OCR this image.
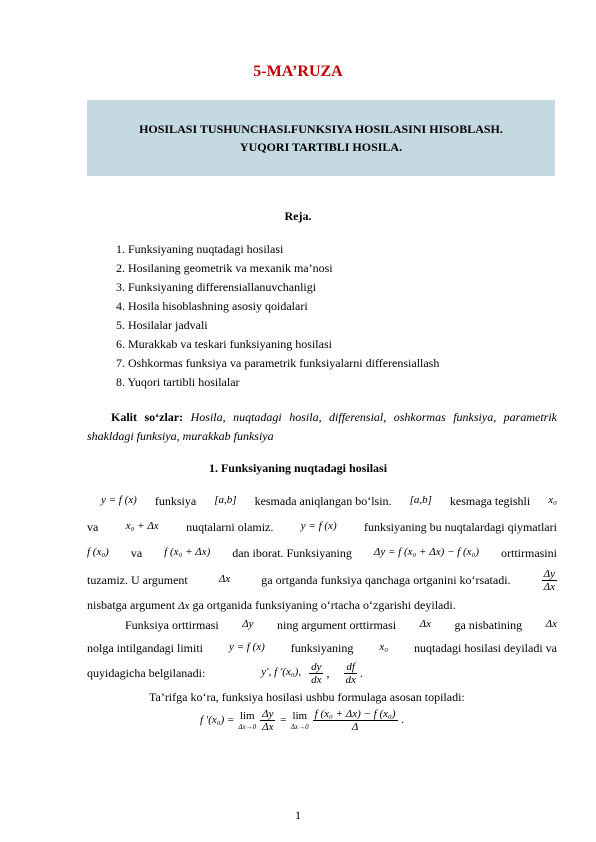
5-MA’RUZA
HOSILASI TUSHUNCHASI.FUNKSIYA HOSILASINI HISOBLASH.
YUQORI TARTIBLI HOSILA.
Reja.
1. Funksiyaning nuqtadagi hosilasi
2. Hosilaning geometrik va mexanik ma’nosi
3. Funksiyaning differensiallanuvchanligi
4. Hosila hisoblashning asosiy qoidalari
5. Hosilalar jadvali
6. Murakkab va teskari funksiyaning hosilasi
7. Oshkormas funksiya va parametrik funksiyalarni differensiallash
8. Yuqori tartibli hosilalar
Kalit so‘zlar: Hosila, nuqtadagi hosila, differensial, oshkormas funksiya, parametrik shakldagi funksiya, murakkab funksiya
1. Funksiyaning nuqtadagi hosilasi
y = f (x) funksiya [a,b] kesmada aniqlangan bo‘lsin. [a,b] kesmaga tegishli x₀
va x₀ + Δx nuqtalarni olamiz. y = f (x) funksiyaning bu nuqtalardagi qiymatlari
f (x₀) va f (x₀ + Δx) dan iborat. Funksiyaning Δy = f (x₀ + Δx) − f (x₀) orttirmasini
tuzamiz. U argument	Δx	ga ortganda funksiya qanchaga ortganini ko‘rsatadi.	$\frac{\Delta y}{\Delta x}$
nisbatga argument Δx ga ortganida funksiyaning o‘rtacha o‘zgarishi deyiladi.
Funksiya orttirmasi Δy ning argument orttirmasi Δx ga nisbatining Δx
nolga intilgandagi limiti y = f (x) funksiyaning x₀ nuqtadagi hosilasi deyiladi va
quyidagicha belgilanadi:	y′, f ′(x₀), $\frac{dy}{dx}$ , $\frac{df}{dx}$ .
Ta’rifga ko‘ra, funksiya hosilasi ushbu formulaga asosan topiladi:
f ′(x₀) = lim
$\Delta x\to 0 \frac{\Delta y}{\Delta x} = \lim$
$\Delta x\to 0 \frac{\text{f (x₀ + Δx) − f (x₀)}}{\Delta}$ .
1
